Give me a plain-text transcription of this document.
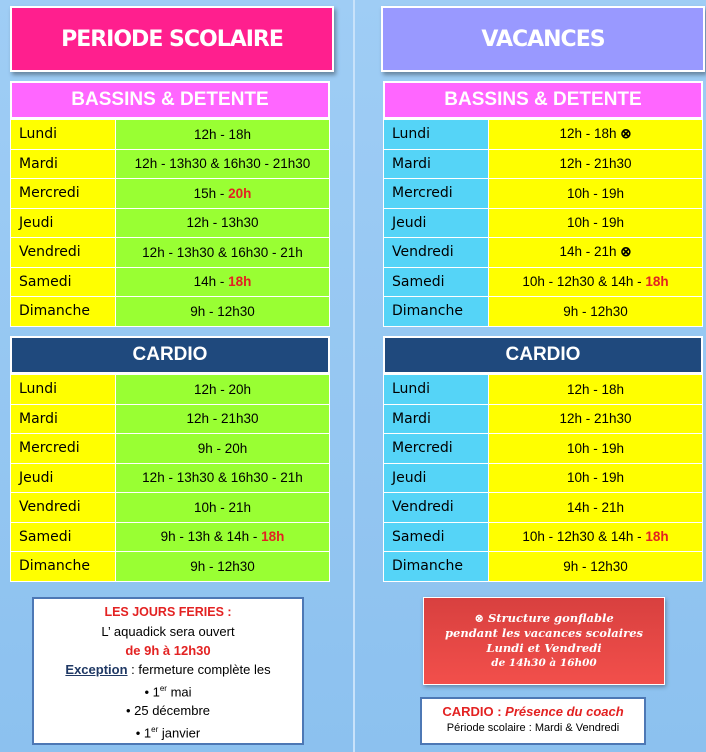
PERIODE SCOLAIRE	VACANCES
BASSINS & DETENTE
Lundi	12h - 18h
Mardi	12h - 13h30 & 16h30 - 21h30
Mercredi	15h - 20h
Jeudi	12h - 13h30
Vendredi	12h - 13h30 & 16h30 - 21h
Samedi	14h - 18h
Dimanche	9h - 12h30
BASSINS & DETENTE
Lundi	12h - 18h ⊗
Mardi	12h - 21h30
Mercredi	10h - 19h
Jeudi	10h - 19h
Vendredi	14h - 21h ⊗
Samedi	10h - 12h30 & 14h - 18h
Dimanche	9h - 12h30
CARDIO
Lundi	12h - 20h
Mardi	12h - 21h30
Mercredi	9h - 20h
Jeudi	12h - 13h30 & 16h30 - 21h
Vendredi	10h - 21h
Samedi	9h - 13h & 14h - 18h
Dimanche	9h - 12h30
CARDIO
Lundi	12h - 18h
Mardi	12h - 21h30
Mercredi	10h - 19h
Jeudi	10h - 19h
Vendredi	14h - 21h
Samedi	10h - 12h30 & 14h - 18h
Dimanche	9h - 12h30
LES JOURS FERIES :
L’ aquadick sera ouvert
de 9h à 12h30
Exception : fermeture complète les
• 1er mai
• 25 décembre
• 1er janvier
⊗ Structure gonflable
pendant les vacances scolaires
Lundi et Vendredi
de 14h30 à 16h00
CARDIO : Présence du coach
Période scolaire : Mardi & Vendredi
